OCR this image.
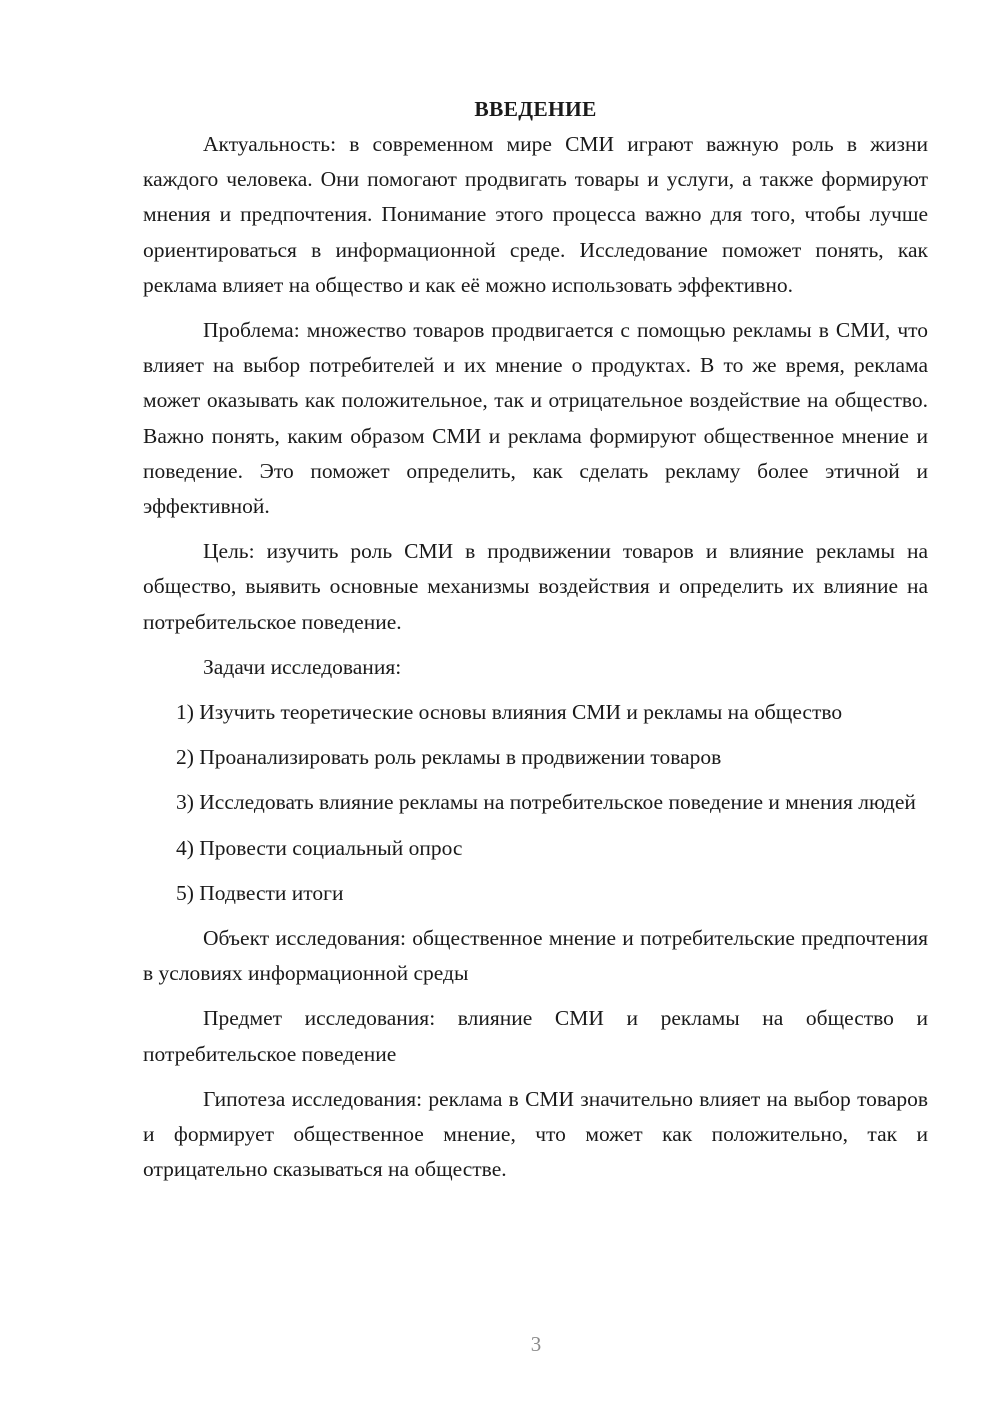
ВВЕДЕНИЕ

Актуальность: в современном мире СМИ играют важную роль в жизни каждого человека. Они помогают продвигать товары и услуги, а также формируют мнения и предпочтения. Понимание этого процесса важно для того, чтобы лучше ориентироваться в информационной среде. Исследование поможет понять, как реклама влияет на общество и как её можно использовать эффективно.

Проблема: множество товаров продвигается с помощью рекламы в СМИ, что влияет на выбор потребителей и их мнение о продуктах. В то же время, реклама может оказывать как положительное, так и отрицательное воздействие на общество. Важно понять, каким образом СМИ и реклама формируют общественное мнение и поведение. Это поможет определить, как сделать рекламу более этичной и эффективной.

Цель: изучить роль СМИ в продвижении товаров и влияние рекламы на общество, выявить основные механизмы воздействия и определить их влияние на потребительское поведение.

Задачи исследования:

1) Изучить теоретические основы влияния СМИ и рекламы на общество

2) Проанализировать роль рекламы в продвижении товаров

3) Исследовать влияние рекламы на потребительское поведение и мнения людей

4) Провести социальный опрос

5) Подвести итоги

Объект исследования: общественное мнение и потребительские предпочтения в условиях информационной среды

Предмет исследования: влияние СМИ и рекламы на общество и потребительское поведение

Гипотеза исследования: реклама в СМИ значительно влияет на выбор товаров и формирует общественное мнение, что может как положительно, так и отрицательно сказываться на обществе.

3
